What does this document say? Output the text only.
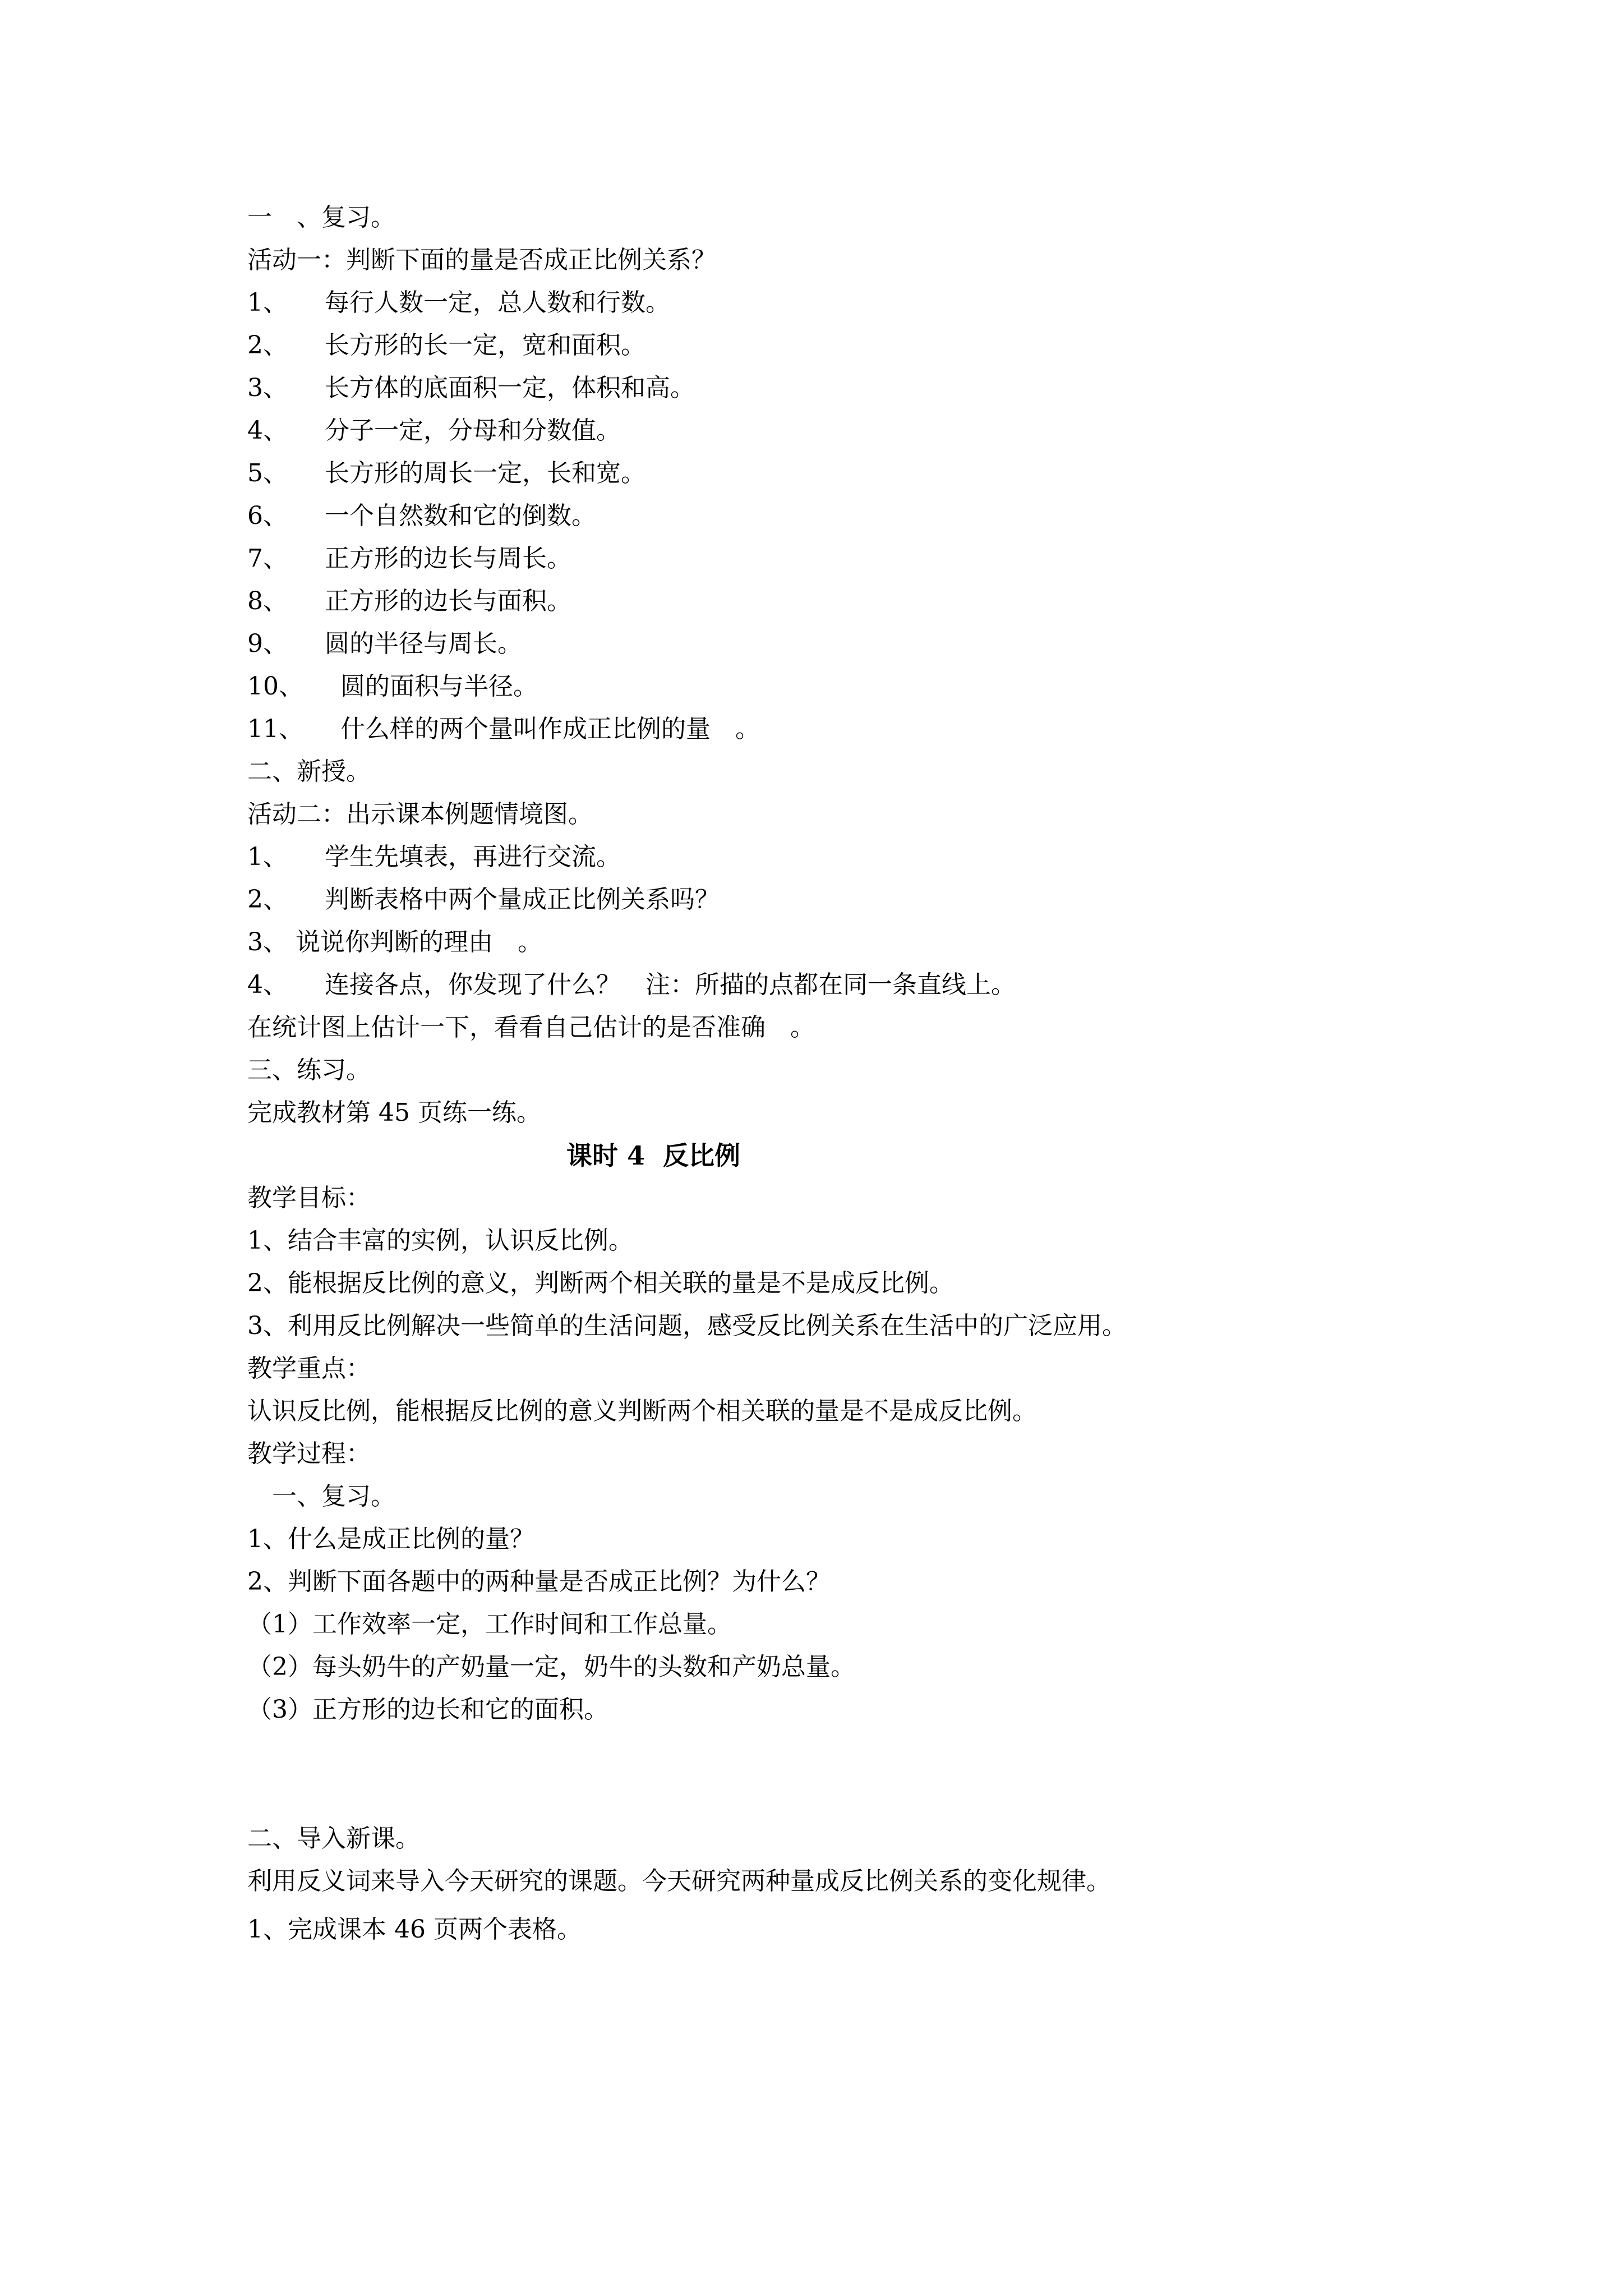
一　、复习。
活动一：判断下面的量是否成正比例关系？
1、　　每行人数一定，总人数和行数。
2、　　长方形的长一定，宽和面积。
3、　　长方体的底面积一定，体积和高。
4、　　分子一定，分母和分数值。
5、　　长方形的周长一定，长和宽。
6、　　一个自然数和它的倒数。
7、　　正方形的边长与周长。
8、　　正方形的边长与面积。
9、　　圆的半径与周长。
10、　　圆的面积与半径。
11、　　什么样的两个量叫作成正比例的量　。
二、新授。
活动二：出示课本例题情境图。
1、　　学生先填表，再进行交流。
2、　　判断表格中两个量成正比例关系吗？
3、 说说你判断的理由　。
4、　　连接各点，你发现了什么？　注：所描的点都在同一条直线上。
在统计图上估计一下，看看自己估计的是否准确　。
三、练习。
完成教材第 45 页练一练。
课时 4  反比例
教学目标：
1、结合丰富的实例，认识反比例。
2、能根据反比例的意义，判断两个相关联的量是不是成反比例。
3、利用反比例解决一些简单的生活问题，感受反比例关系在生活中的广泛应用。
教学重点：
认识反比例，能根据反比例的意义判断两个相关联的量是不是成反比例。
教学过程：
　一、复习。
1、什么是成正比例的量？
2、判断下面各题中的两种量是否成正比例？为什么？
（1）工作效率一定，工作时间和工作总量。
（2）每头奶牛的产奶量一定，奶牛的头数和产奶总量。
（3）正方形的边长和它的面积。
二、导入新课。
利用反义词来导入今天研究的课题。今天研究两种量成反比例关系的变化规律。
1、完成课本 46 页两个表格。
